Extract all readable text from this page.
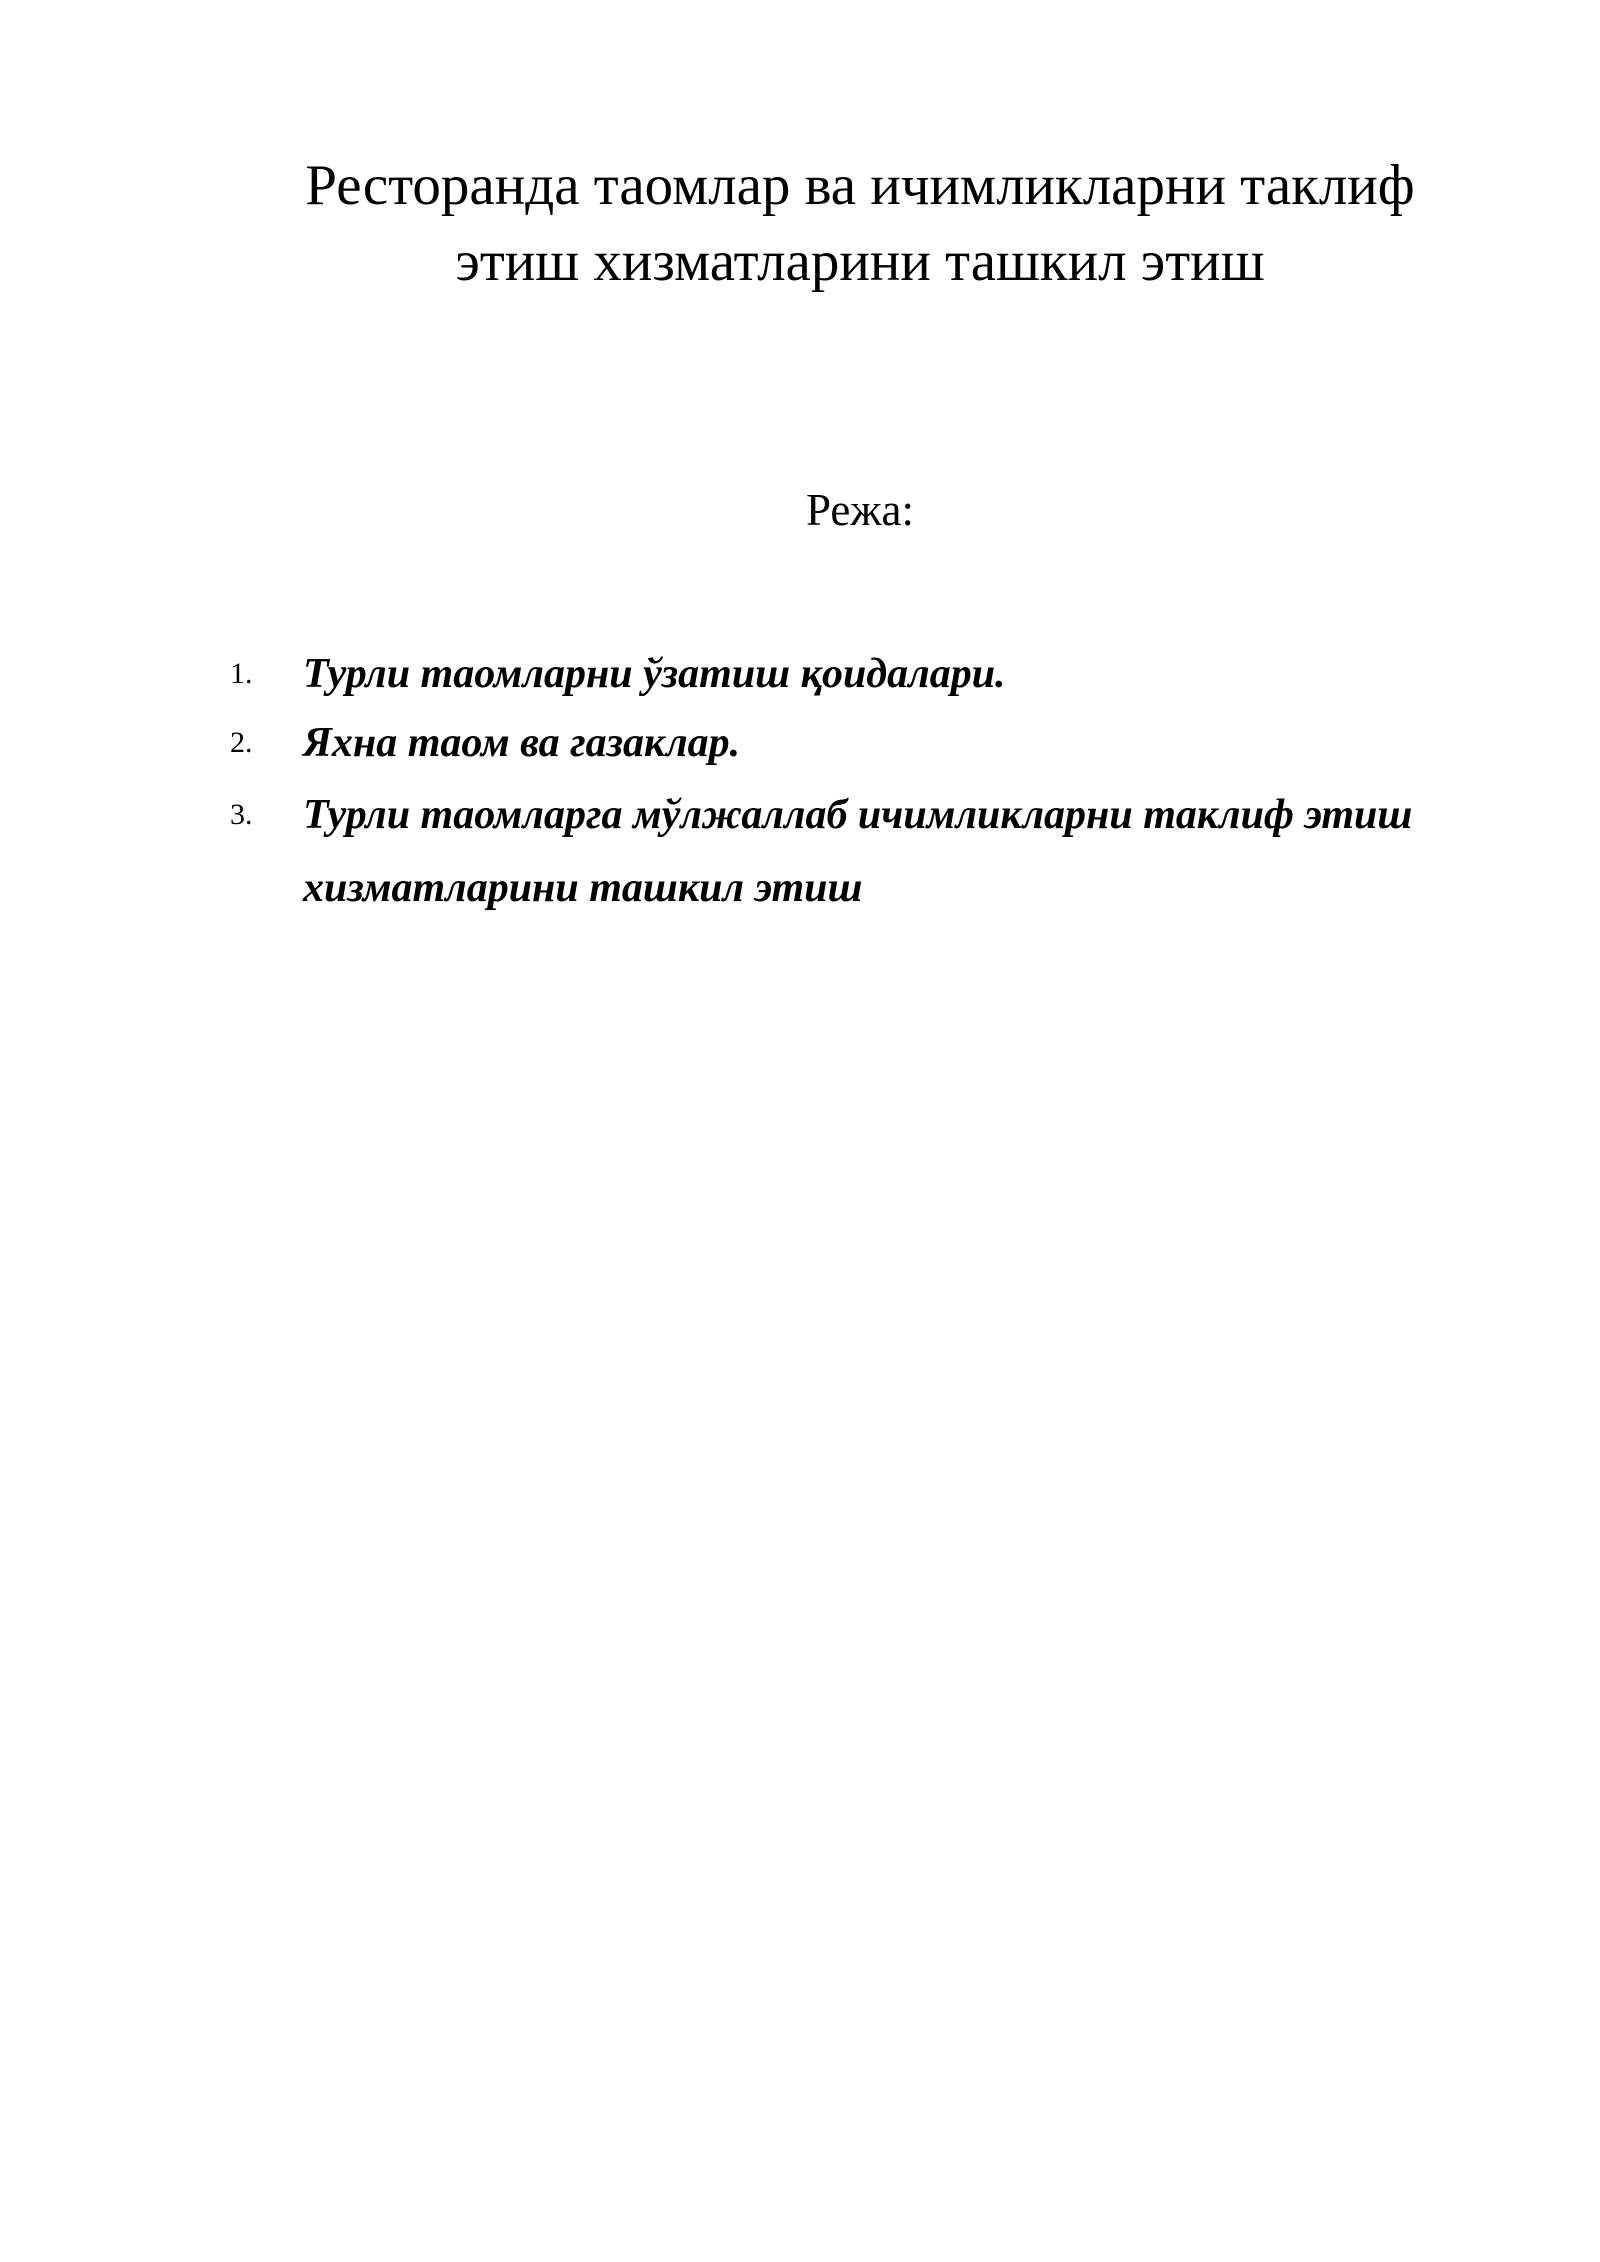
Ресторанда таомлар ва ичимликларни таклиф
этиш хизматларини ташкил этиш
Режа:
1. Турли таомларни ўзатиш қоидалари.
2. Яхна таом ва газаклар.
3. Турли таомларга мўлжаллаб ичимликларни таклиф этиш
хизматларини ташкил этиш
